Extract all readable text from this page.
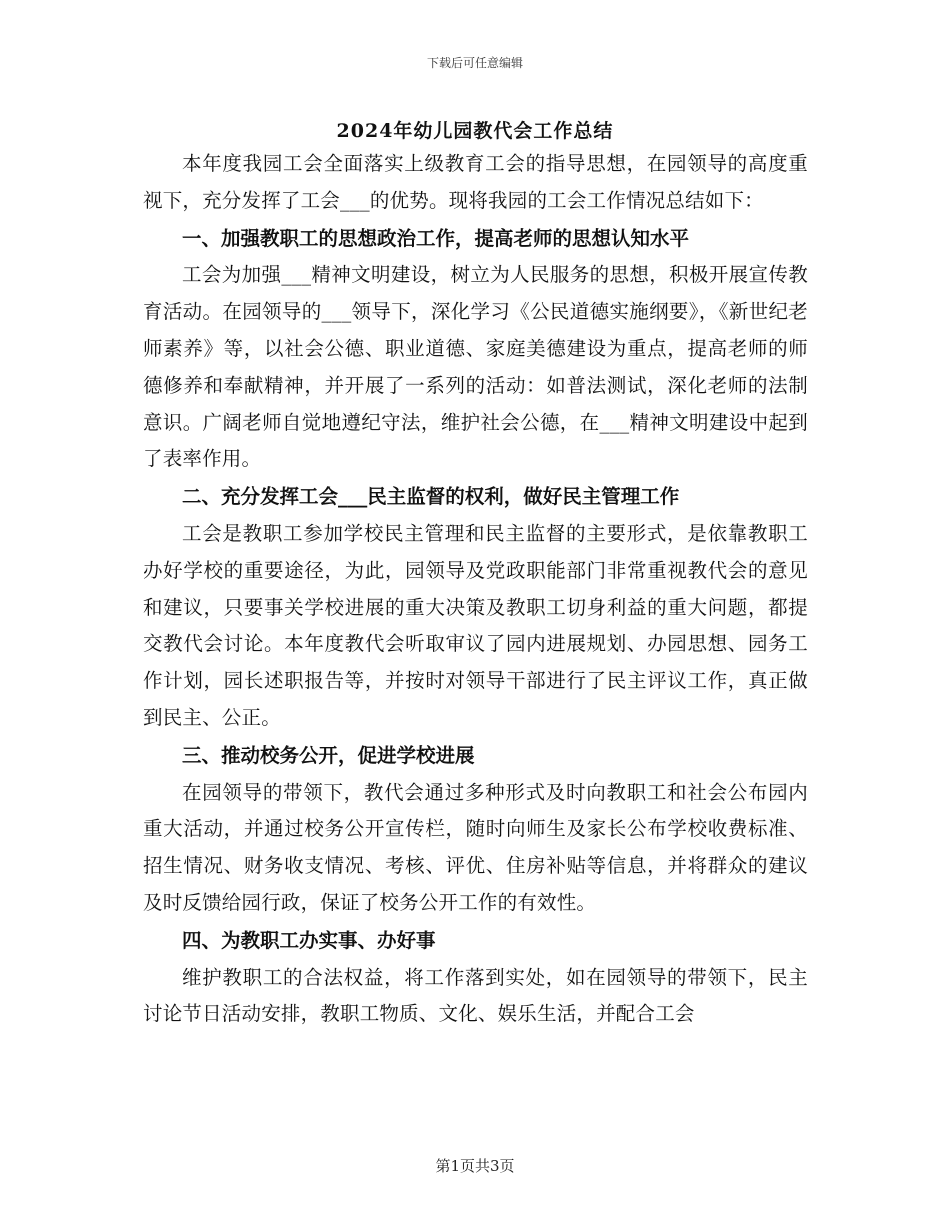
下载后可任意编辑
2024年幼儿园教代会工作总结

本年度我园工会全面落实上级教育工会的指导思想，在园领导的高度重视下，充分发挥了工会___的优势。现将我园的工会工作情况总结如下：

一、加强教职工的思想政治工作，提高老师的思想认知水平

工会为加强___精神文明建设，树立为人民服务的思想，积极开展宣传教育活动。在园领导的___领导下，深化学习《公民道德实施纲要》，《新世纪老师素养》等，以社会公德、职业道德、家庭美德建设为重点，提高老师的师德修养和奉献精神，并开展了一系列的活动：如普法测试，深化老师的法制意识。广阔老师自觉地遵纪守法，维护社会公德，在___精神文明建设中起到了表率作用。

二、充分发挥工会___民主监督的权利，做好民主管理工作

工会是教职工参加学校民主管理和民主监督的主要形式，是依靠教职工办好学校的重要途径，为此，园领导及党政职能部门非常重视教代会的意见和建议，只要事关学校进展的重大决策及教职工切身利益的重大问题，都提交教代会讨论。本年度教代会听取审议了园内进展规划、办园思想、园务工作计划，园长述职报告等，并按时对领导干部进行了民主评议工作，真正做到民主、公正。

三、推动校务公开，促进学校进展

在园领导的带领下，教代会通过多种形式及时向教职工和社会公布园内重大活动，并通过校务公开宣传栏，随时向师生及家长公布学校收费标准、招生情况、财务收支情况、考核、评优、住房补贴等信息，并将群众的建议及时反馈给园行政，保证了校务公开工作的有效性。

四、为教职工办实事、办好事

维护教职工的合法权益，将工作落到实处，如在园领导的带领下，民主讨论节日活动安排，教职工物质、文化、娱乐生活，并配合工会

第1页共3页
